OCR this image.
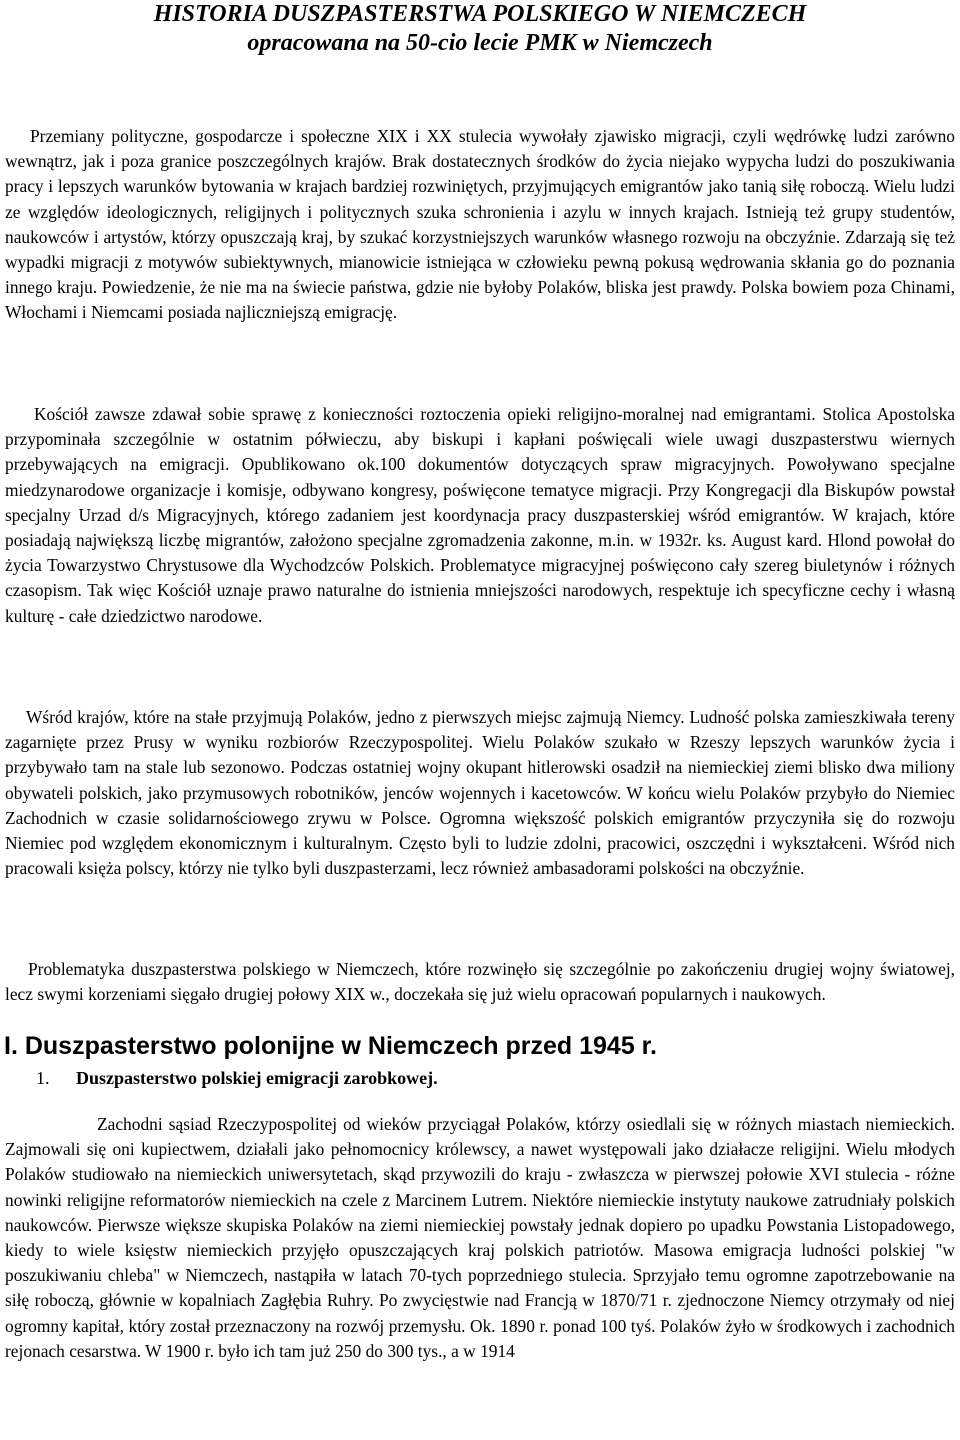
HISTORIA DUSZPASTERSTWA POLSKIEGO W NIEMCZECH
opracowana na 50-cio lecie PMK w Niemczech

Przemiany polityczne, gospodarcze i społeczne XIX i XX stulecia wywołały zjawisko migracji, czyli wędrówkę ludzi zarówno wewnątrz, jak i poza granice poszczególnych krajów. Brak dostatecznych środków do życia niejako wypycha ludzi do poszukiwania pracy i lepszych warunków bytowania w krajach bardziej rozwiniętych, przyjmujących emigrantów jako tanią siłę roboczą. Wielu ludzi ze względów ideologicznych, religijnych i politycznych szuka schronienia i azylu w innych krajach. Istnieją też grupy studentów, naukowców i artystów, którzy opuszczają kraj, by szukać korzystniejszych warunków własnego rozwoju na obczyźnie. Zdarzają się też wypadki migracji z motywów subiektywnych, mianowicie istniejąca w człowieku pewną pokusą wędrowania skłania go do poznania innego kraju. Powiedzenie, że nie ma na świecie państwa, gdzie nie byłoby Polaków, bliska jest prawdy. Polska bowiem poza Chinami, Włochami i Niemcami posiada najliczniejszą emigrację.

Kościół zawsze zdawał sobie sprawę z konieczności roztoczenia opieki religijno-moralnej nad emigrantami. Stolica Apostolska przypominała szczególnie w ostatnim półwieczu, aby biskupi i kapłani poświęcali wiele uwagi duszpasterstwu wiernych przebywających na emigracji. Opublikowano ok.100 dokumentów dotyczących spraw migracyjnych. Powoływano specjalne miedzynarodowe organizacje i komisje, odbywano kongresy, poświęcone tematyce migracji. Przy Kongregacji dla Biskupów powstał specjalny Urzad d/s Migracyjnych, którego zadaniem jest koordynacja pracy duszpasterskiej wśród emigrantów. W krajach, które posiadają największą liczbę migrantów, założono specjalne zgromadzenia zakonne, m.in. w 1932r. ks. August kard. Hlond powołał do życia Towarzystwo Chrystusowe dla Wychodzców Polskich. Problematyce migracyjnej poświęcono cały szereg biuletynów i różnych czasopism. Tak więc Kościół uznaje prawo naturalne do istnienia mniejszości narodowych, respektuje ich specyficzne cechy i własną kulturę - całe dziedzictwo narodowe.

Wśród krajów, które na stałe przyjmują Polaków, jedno z pierwszych miejsc zajmują Niemcy. Ludność polska zamieszkiwała tereny zagarnięte przez Prusy w wyniku rozbiorów Rzeczypospolitej. Wielu Polaków szukało w Rzeszy lepszych warunków życia i przybywało tam na stale lub sezonowo. Podczas ostatniej wojny okupant hitlerowski osadził na niemieckiej ziemi blisko dwa miliony obywateli polskich, jako przymusowych robotników, jenców wojennych i kacetowców. W końcu wielu Polaków przybyło do Niemiec Zachodnich w czasie solidarnościowego zrywu w Polsce. Ogromna większość polskich emigrantów przyczyniła się do rozwoju Niemiec pod względem ekonomicznym i kulturalnym. Często byli to ludzie zdolni, pracowici, oszczędni i wykształceni. Wśród nich pracowali księża polscy, którzy nie tylko byli duszpasterzami, lecz również ambasadorami polskości na obczyźnie.

Problematyka duszpasterstwa polskiego w Niemczech, które rozwinęło się szczególnie po zakończeniu drugiej wojny światowej, lecz swymi korzeniami sięgało drugiej połowy XIX w., doczekała się już wielu opracowań popularnych i naukowych.

I. Duszpasterstwo polonijne w Niemczech przed 1945 r.
1. Duszpasterstwo polskiej emigracji zarobkowej.

Zachodni sąsiad Rzeczypospolitej od wieków przyciągał Polaków, którzy osiedlali się w różnych miastach niemieckich. Zajmowali się oni kupiectwem, działali jako pełnomocnicy królewscy, a nawet występowali jako działacze religijni. Wielu młodych Polaków studiowało na niemieckich uniwersytetach, skąd przywozili do kraju - zwłaszcza w pierwszej połowie XVI stulecia - różne nowinki religijne reformatorów niemieckich na czele z Marcinem Lutrem. Niektóre niemieckie instytuty naukowe zatrudniały polskich naukowców. Pierwsze większe skupiska Polaków na ziemi niemieckiej powstały jednak dopiero po upadku Powstania Listopadowego, kiedy to wiele księstw niemieckich przyjęło opuszczających kraj polskich patriotów. Masowa emigracja ludności polskiej "w poszukiwaniu chleba" w Niemczech, nastąpiła w latach 70-tych poprzedniego stulecia. Sprzyjało temu ogromne zapotrzebowanie na siłę roboczą, głównie w kopalniach Zagłębia Ruhry. Po zwycięstwie nad Francją w 1870/71 r. zjednoczone Niemcy otrzymały od niej ogromny kapitał, który został przeznaczony na rozwój przemysłu. Ok. 1890 r. ponad 100 tyś. Polaków żyło w środkowych i zachodnich rejonach cesarstwa. W 1900 r. było ich tam już 250 do 300 tys., a w 1914
